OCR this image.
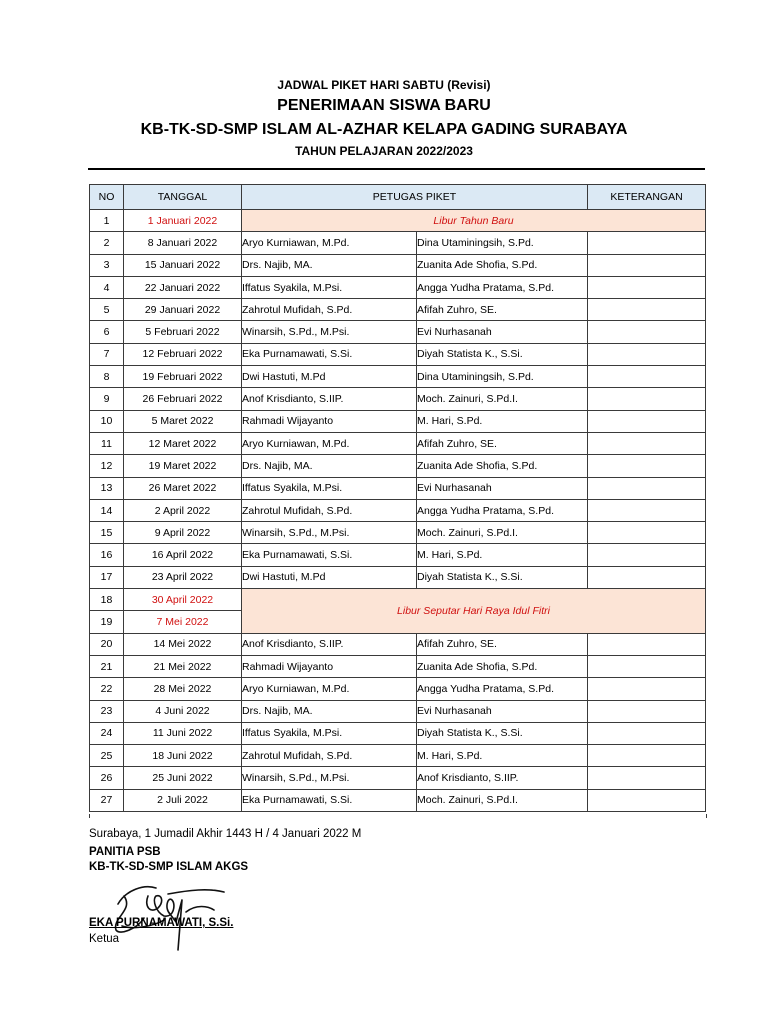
JADWAL PIKET HARI SABTU (Revisi)
PENERIMAAN SISWA BARU
KB-TK-SD-SMP ISLAM AL-AZHAR KELAPA GADING SURABAYA
TAHUN PELAJARAN 2022/2023
NO	TANGGAL	PETUGAS PIKET		KETERANGAN
1	1 Januari 2022	Libur Tahun Baru		
2	8 Januari 2022	Aryo Kurniawan, M.Pd.	Dina Utaminingsih, S.Pd.	
3	15 Januari 2022	Drs. Najib, MA.	Zuanita Ade Shofia, S.Pd.	
4	22 Januari 2022	Iffatus Syakila, M.Psi.	Angga Yudha Pratama, S.Pd.	
5	29 Januari 2022	Zahrotul Mufidah, S.Pd.	Afifah Zuhro, SE.	
6	5 Februari 2022	Winarsih, S.Pd., M.Psi.	Evi Nurhasanah	
7	12 Februari 2022	Eka Purnamawati, S.Si.	Diyah Statista K., S.Si.	
8	19 Februari 2022	Dwi Hastuti, M.Pd	Dina Utaminingsih, S.Pd.	
9	26 Februari 2022	Anof Krisdianto, S.IIP.	Moch. Zainuri, S.Pd.I.	
10	5 Maret 2022	Rahmadi Wijayanto	M. Hari, S.Pd.	
11	12 Maret 2022	Aryo Kurniawan, M.Pd.	Afifah Zuhro, SE.	
12	19 Maret 2022	Drs. Najib, MA.	Zuanita Ade Shofia, S.Pd.	
13	26 Maret 2022	Iffatus Syakila, M.Psi.	Evi Nurhasanah	
14	2 April 2022	Zahrotul Mufidah, S.Pd.	Angga Yudha Pratama, S.Pd.	
15	9 April 2022	Winarsih, S.Pd., M.Psi.	Moch. Zainuri, S.Pd.I.	
16	16 April 2022	Eka Purnamawati, S.Si.	M. Hari, S.Pd.	
17	23 April 2022	Dwi Hastuti, M.Pd	Diyah Statista K., S.Si.	
18	30 April 2022	Libur Seputar Hari Raya Idul Fitri		
19	7 Mei 2022			
20	14 Mei 2022	Anof Krisdianto, S.IIP.	Afifah Zuhro, SE.	
21	21 Mei 2022	Rahmadi Wijayanto	Zuanita Ade Shofia, S.Pd.	
22	28 Mei 2022	Aryo Kurniawan, M.Pd.	Angga Yudha Pratama, S.Pd.	
23	4 Juni 2022	Drs. Najib, MA.	Evi Nurhasanah	
24	11 Juni 2022	Iffatus Syakila, M.Psi.	Diyah Statista K., S.Si.	
25	18 Juni 2022	Zahrotul Mufidah, S.Pd.	M. Hari, S.Pd.	
26	25 Juni 2022	Winarsih, S.Pd., M.Psi.	Anof Krisdianto, S.IIP.	
27	2 Juli 2022	Eka Purnamawati, S.Si.	Moch. Zainuri, S.Pd.I.	
Surabaya, 1 Jumadil Akhir 1443 H / 4 Januari 2022 M
PANITIA PSB
KB-TK-SD-SMP ISLAM AKGS
EKA PURNAMAWATI, S.Si.
Ketua
